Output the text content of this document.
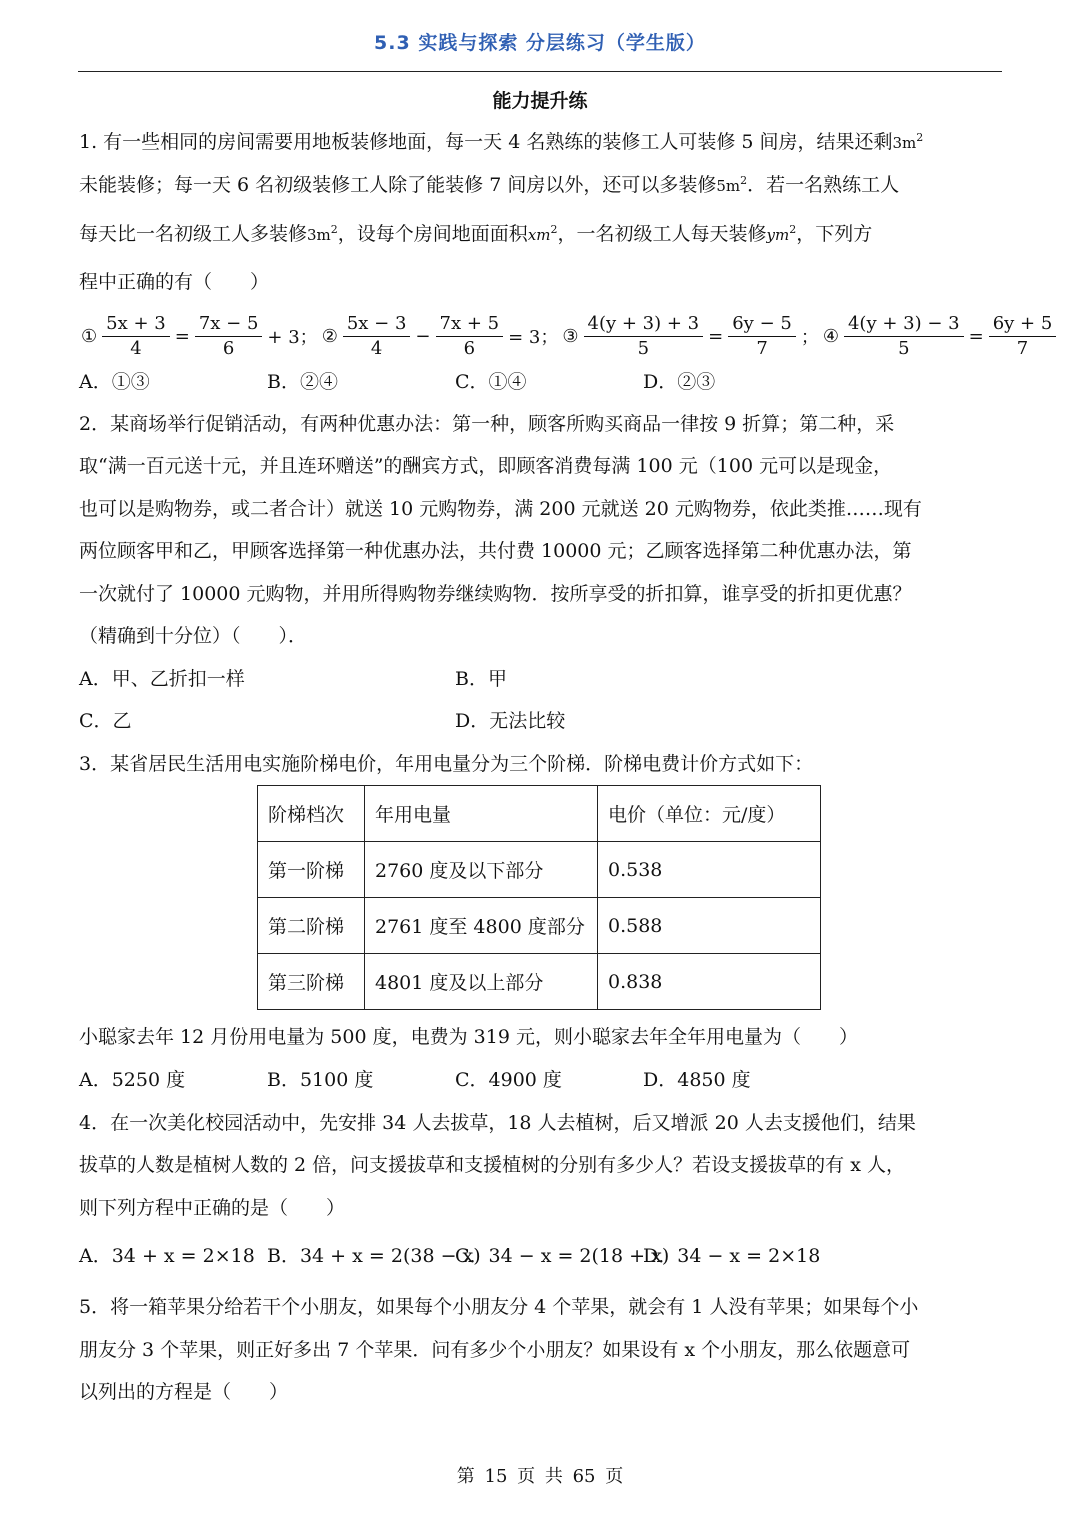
5.3 实践与探索 分层练习（学生版）
能力提升练
1. 有一些相同的房间需要用地板装修地面，每一天 4 名熟练的装修工人可装修 5 间房，结果还剩$3m^2$
未能装修；每一天 6 名初级装修工人除了能装修 7 间房以外，还可以多装修$5m^2$．若一名熟练工人
每天比一名初级工人多装修$3m^2$，设每个房间地面面积$xm^2$，一名初级工人每天装修$ym^2$，下列方
程中正确的有（　　）
① $\frac{5x + 3}{4} = \frac{7x - 5}{6} + 3$； ② $\frac{5x - 3}{4} - \frac{7x + 5}{6} = 3$； ③ $\frac{4(y + 3) + 3}{5} = \frac{6y - 5}{7}$ ； ④ $\frac{4(y + 3) - 3}{5} = \frac{6y + 5}{7}$
A．①③	B．②④	C．①④	D．②③
2．某商场举行促销活动，有两种优惠办法：第一种，顾客所购买商品一律按 9 折算；第二种，采
取“满一百元送十元，并且连环赠送”的酬宾方式，即顾客消费每满 100 元（100 元可以是现金，
也可以是购物券，或二者合计）就送 10 元购物券，满 200 元就送 20 元购物券，依此类推……现有
两位顾客甲和乙，甲顾客选择第一种优惠办法，共付费 10000 元；乙顾客选择第二种优惠办法，第
一次就付了 10000 元购物，并用所得购物券继续购物．按所享受的折扣算，谁享受的折扣更优惠？
（精确到十分位）（　　）．
A．甲、乙折扣一样	B．甲
C．乙	D．无法比较
3．某省居民生活用电实施阶梯电价，年用电量分为三个阶梯．阶梯电费计价方式如下：
阶梯档次	年用电量	电价（单位：元/度）
第一阶梯	2760 度及以下部分	0.538
第二阶梯	2761 度至 4800 度部分	0.588
第三阶梯	4801 度及以上部分	0.838
小聪家去年 12 月份用电量为 500 度，电费为 319 元，则小聪家去年全年用电量为（　　）
A．5250 度	B．5100 度	C．4900 度	D．4850 度
4．在一次美化校园活动中，先安排 34 人去拔草，18 人去植树，后又增派 20 人去支援他们，结果
拔草的人数是植树人数的 2 倍，问支援拔草和支援植树的分别有多少人？若设支援拔草的有 x 人，
则下列方程中正确的是（　　）
A．34 + x = 2×18 B．34 + x = 2(38 − x)
C．34 − x = 2(18 + x)
D．34 − x = 2×18
5．将一箱苹果分给若干个小朋友，如果每个小朋友分 4 个苹果，就会有 1 人没有苹果；如果每个小
朋友分 3 个苹果，则正好多出 7 个苹果．问有多少个小朋友？如果设有 x 个小朋友，那么依题意可
以列出的方程是（　　）
第 15 页 共 65 页
